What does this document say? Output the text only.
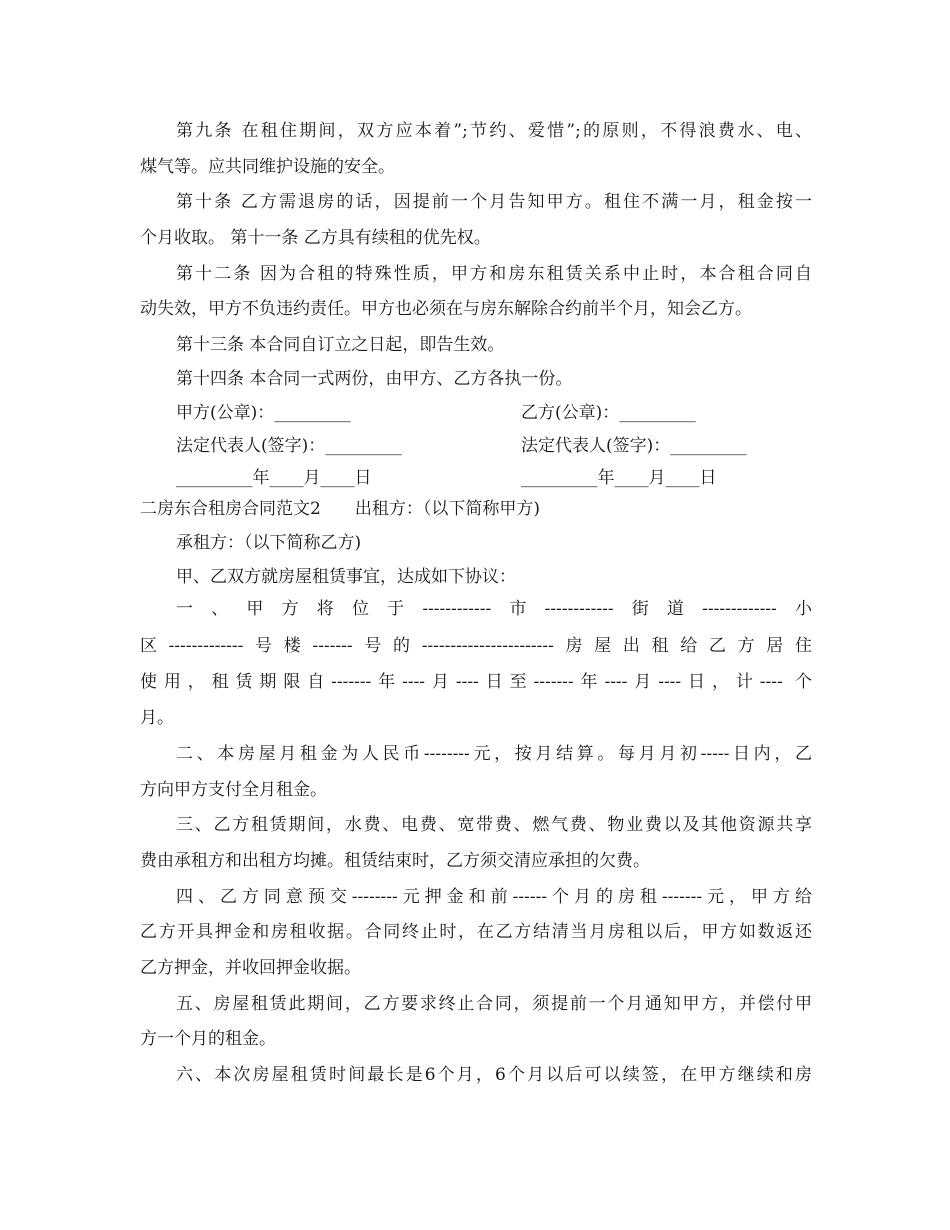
第九条 在租住期间，双方应本着”;节约、爱惜”;的原则，不得浪费水、电、
煤气等。应共同维护设施的安全。
第十条 乙方需退房的话，因提前一个月告知甲方。租住不满一月，租金按一
个月收取。 第十一条 乙方具有续租的优先权。
第十二条 因为合租的特殊性质，甲方和房东租赁关系中止时，本合租合同自
动失效，甲方不负违约责任。甲方也必须在与房东解除合约前半个月，知会乙方。
第十三条 本合同自订立之日起，即告生效。
第十四条 本合同一式两份，由甲方、乙方各执一份。
甲方(公章)：_________	乙方(公章)：_________
法定代表人(签字)：_________	法定代表人(签字)：_________
_________年____月____日	_________年____月____日
二房东合租房合同范文2　　出租方：（以下简称甲方)
承租方：（以下简称乙方)
甲、乙双方就房屋租赁事宜，达成如下协议：
一、甲方将位于------------市------------街道-------------小
区-------------号楼-------号的-----------------------房屋出租给乙方居住
使用，租赁期限自-------年----月----日至-------年----月----日，计---- 个
月。
二、本房屋月租金为人民币--------元，按月结算。每月月初-----日内，乙
方向甲方支付全月租金。
三、乙方租赁期间，水费、电费、宽带费、燃气费、物业费以及其他资源共享
费由承租方和出租方均摊。租赁结束时，乙方须交清应承担的欠费。
四、乙方同意预交--------元押金和前------个月的房租-------元，甲方给
乙方开具押金和房租收据。合同终止时，在乙方结清当月房租以后，甲方如数返还
乙方押金，并收回押金收据。
五、房屋租赁此期间，乙方要求终止合同，须提前一个月通知甲方，并偿付甲
方一个月的租金。
六、本次房屋租赁时间最长是6个月，6个月以后可以续签，在甲方继续和房
